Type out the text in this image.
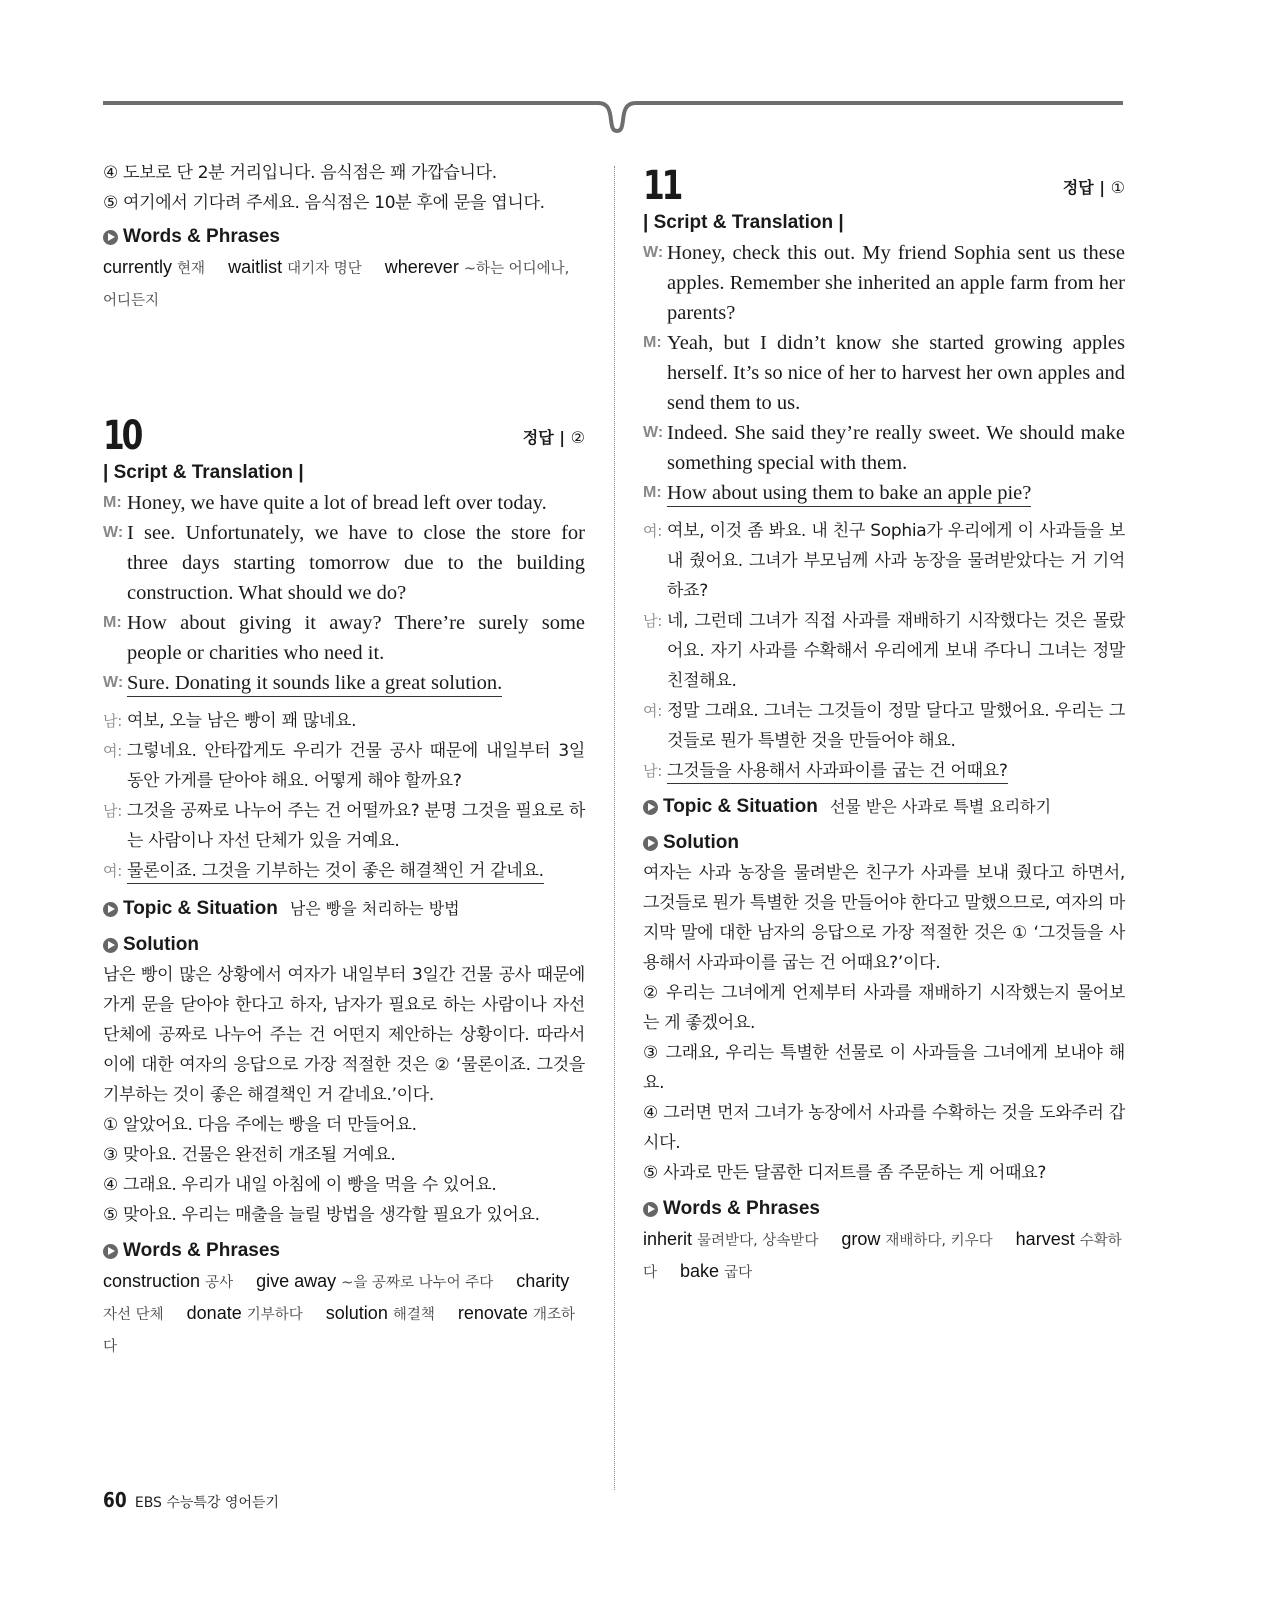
④ 도보로 단 2분 거리입니다. 음식점은 꽤 가깝습니다.
⑤ 여기에서 기다려 주세요. 음식점은 10분 후에 문을 엽니다.
Words & Phrases
currently 현재 waitlist 대기자 명단 wherever ~하는 어디에나, 어디든지
10	정답 | ②
| Script & Translation |
M: Honey, we have quite a lot of bread left over today.
W: I see. Unfortunately, we have to close the store for three days starting tomorrow due to the building construction. What should we do?
M: How about giving it away? There’re surely some people or charities who need it.
W: Sure. Donating it sounds like a great solution.
남: 여보, 오늘 남은 빵이 꽤 많네요.
여: 그렇네요. 안타깝게도 우리가 건물 공사 때문에 내일부터 3일 동안 가게를 닫아야 해요. 어떻게 해야 할까요?
남: 그것을 공짜로 나누어 주는 건 어떨까요? 분명 그것을 필요로 하는 사람이나 자선 단체가 있을 거예요.
여: 물론이죠. 그것을 기부하는 것이 좋은 해결책인 거 같네요.
Topic & Situation 남은 빵을 처리하는 방법
Solution
남은 빵이 많은 상황에서 여자가 내일부터 3일간 건물 공사 때문에 가게 문을 닫아야 한다고 하자, 남자가 필요로 하는 사람이나 자선 단체에 공짜로 나누어 주는 건 어떤지 제안하는 상황이다. 따라서 이에 대한 여자의 응답으로 가장 적절한 것은 ② ‘물론이죠. 그것을 기부하는 것이 좋은 해결책인 거 같네요.’이다.
① 알았어요. 다음 주에는 빵을 더 만들어요.
③ 맞아요. 건물은 완전히 개조될 거예요.
④ 그래요. 우리가 내일 아침에 이 빵을 먹을 수 있어요.
⑤ 맞아요. 우리는 매출을 늘릴 방법을 생각할 필요가 있어요.
Words & Phrases
construction 공사 give away ~을 공짜로 나누어 주다 charity 자선 단체 donate 기부하다 solution 해결책 renovate 개조하다
11	정답 | ①
| Script & Translation |
W: Honey, check this out. My friend Sophia sent us these apples. Remember she inherited an apple farm from her parents?
M: Yeah, but I didn’t know she started growing apples herself. It’s so nice of her to harvest her own apples and send them to us.
W: Indeed. She said they’re really sweet. We should make something special with them.
M: How about using them to bake an apple pie?
여: 여보, 이것 좀 봐요. 내 친구 Sophia가 우리에게 이 사과들을 보내 줬어요. 그녀가 부모님께 사과 농장을 물려받았다는 거 기억하죠?
남: 네, 그런데 그녀가 직접 사과를 재배하기 시작했다는 것은 몰랐어요. 자기 사과를 수확해서 우리에게 보내 주다니 그녀는 정말 친절해요.
여: 정말 그래요. 그녀는 그것들이 정말 달다고 말했어요. 우리는 그것들로 뭔가 특별한 것을 만들어야 해요.
남: 그것들을 사용해서 사과파이를 굽는 건 어때요?
Topic & Situation 선물 받은 사과로 특별 요리하기
Solution
여자는 사과 농장을 물려받은 친구가 사과를 보내 줬다고 하면서, 그것들로 뭔가 특별한 것을 만들어야 한다고 말했으므로, 여자의 마지막 말에 대한 남자의 응답으로 가장 적절한 것은 ① ‘그것들을 사용해서 사과파이를 굽는 건 어때요?’이다.
② 우리는 그녀에게 언제부터 사과를 재배하기 시작했는지 물어보는 게 좋겠어요.
③ 그래요, 우리는 특별한 선물로 이 사과들을 그녀에게 보내야 해요.
④ 그러면 먼저 그녀가 농장에서 사과를 수확하는 것을 도와주러 갑시다.
⑤ 사과로 만든 달콤한 디저트를 좀 주문하는 게 어때요?
Words & Phrases
inherit 물려받다, 상속받다 grow 재배하다, 키우다 harvest 수확하다 bake 굽다
60 EBS 수능특강 영어듣기
